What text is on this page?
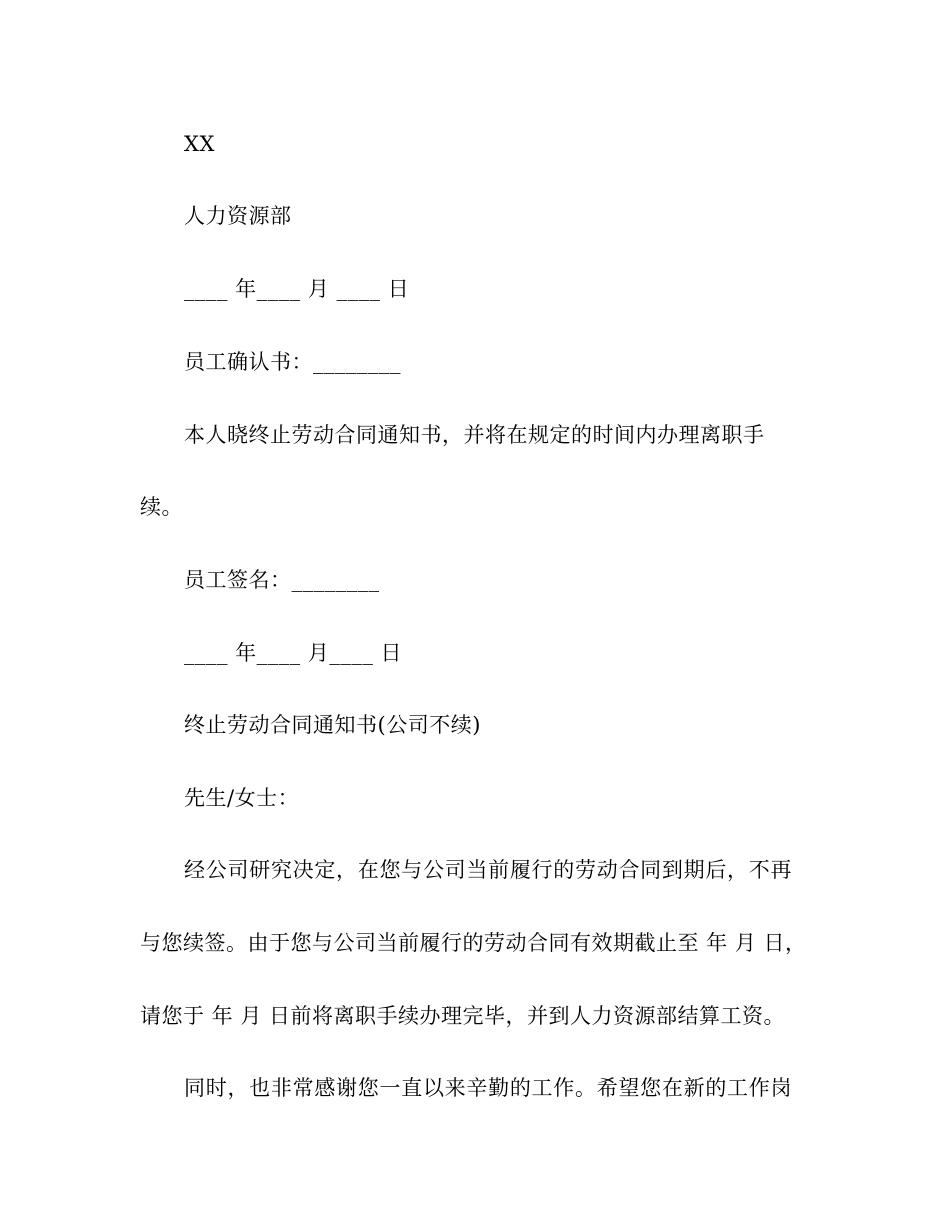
XX
人力资源部
____ 年____ 月 ____ 日
员工确认书：________
本人晓终止劳动合同通知书，并将在规定的时间内办理离职手
续。
员工签名：________
____ 年____ 月____ 日
终止劳动合同通知书(公司不续)
先生/女士：
经公司研究决定，在您与公司当前履行的劳动合同到期后，不再
与您续签。由于您与公司当前履行的劳动合同有效期截止至 年 月 日，
请您于 年 月 日前将离职手续办理完毕，并到人力资源部结算工资。
同时，也非常感谢您一直以来辛勤的工作。希望您在新的工作岗
